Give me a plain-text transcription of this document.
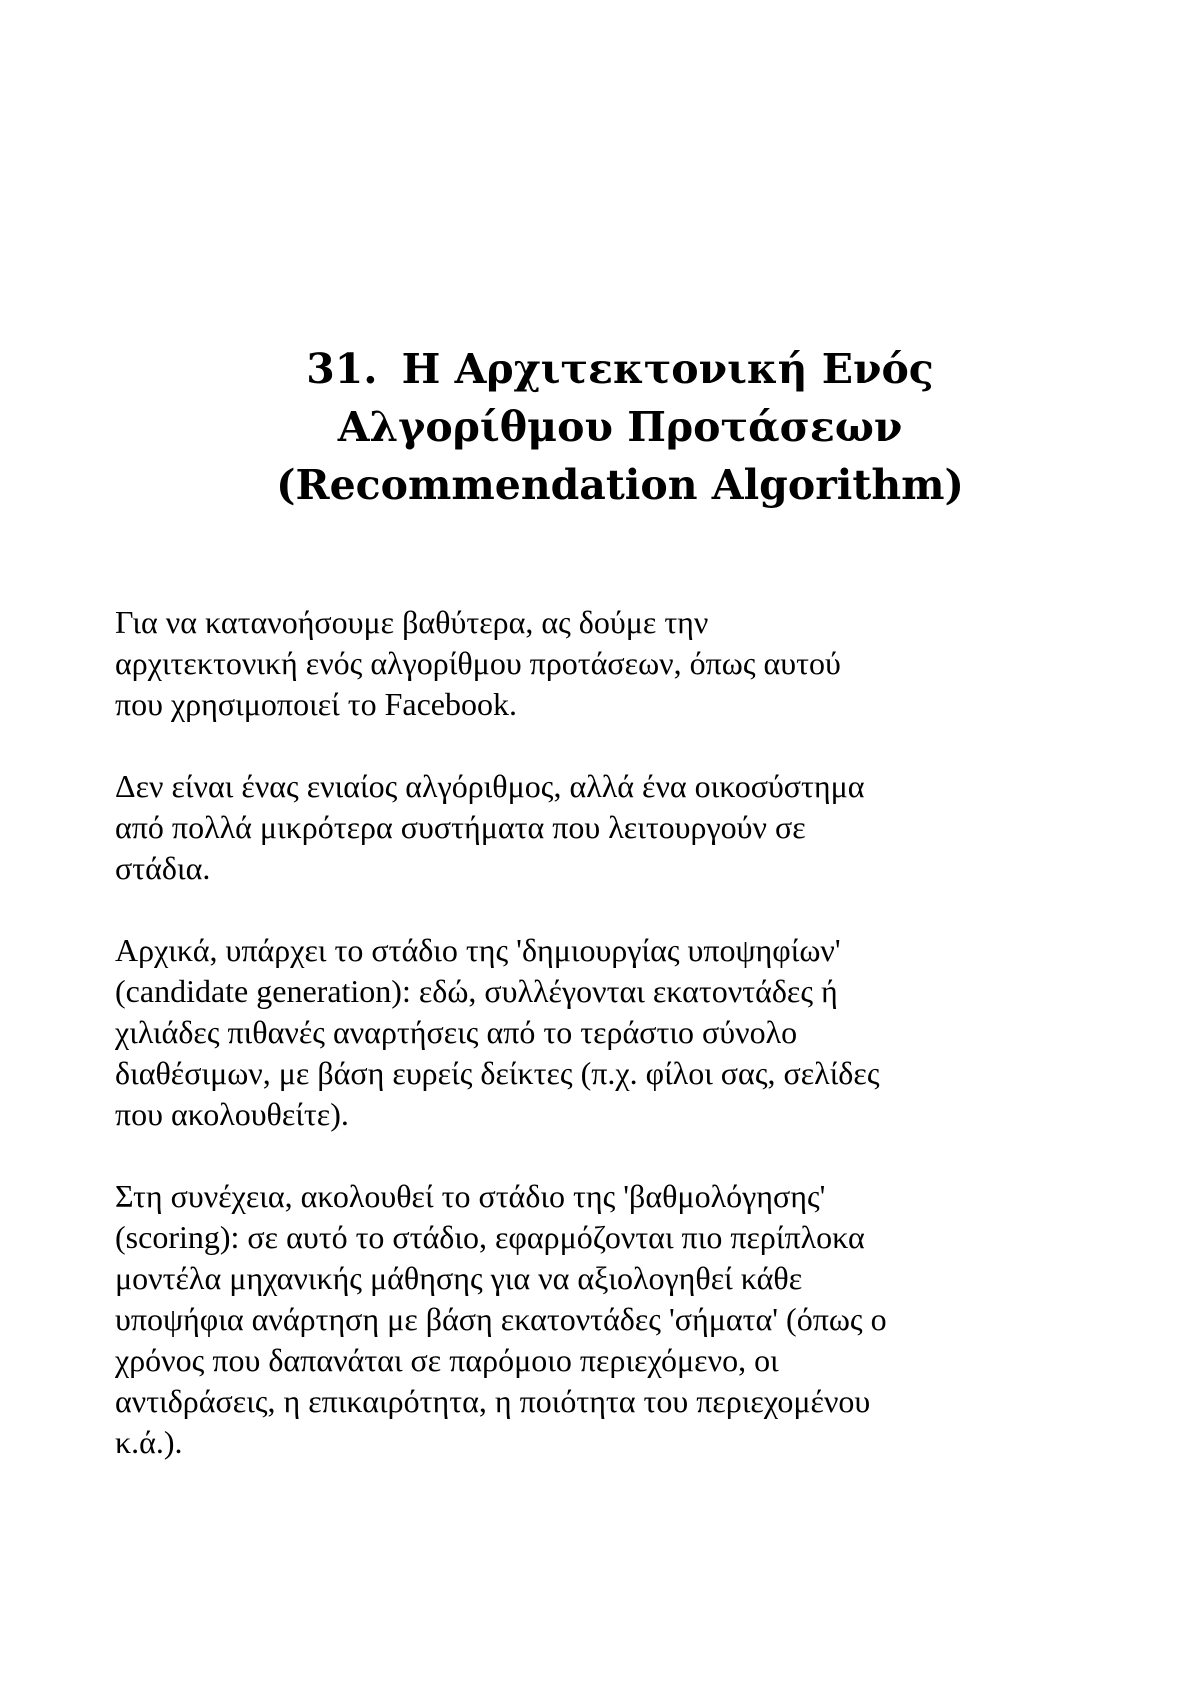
31. Η Αρχιτεκτονική Ενός
Αλγορίθμου Προτάσεων
(Recommendation Algorithm)

Για να κατανοήσουμε βαθύτερα, ας δούμε την
αρχιτεκτονική ενός αλγορίθμου προτάσεων, όπως αυτού
που χρησιμοποιεί το Facebook.

Δεν είναι ένας ενιαίος αλγόριθμος, αλλά ένα οικοσύστημα
από πολλά μικρότερα συστήματα που λειτουργούν σε
στάδια.

Αρχικά, υπάρχει το στάδιο της 'δημιουργίας υποψηφίων'
(candidate generation): εδώ, συλλέγονται εκατοντάδες ή
χιλιάδες πιθανές αναρτήσεις από το τεράστιο σύνολο
διαθέσιμων, με βάση ευρείς δείκτες (π.χ. φίλοι σας, σελίδες
που ακολουθείτε).

Στη συνέχεια, ακολουθεί το στάδιο της 'βαθμολόγησης'
(scoring): σε αυτό το στάδιο, εφαρμόζονται πιο περίπλοκα
μοντέλα μηχανικής μάθησης για να αξιολογηθεί κάθε
υποψήφια ανάρτηση με βάση εκατοντάδες 'σήματα' (όπως ο
χρόνος που δαπανάται σε παρόμοιο περιεχόμενο, οι
αντιδράσεις, η επικαιρότητα, η ποιότητα του περιεχομένου
κ.ά.).
